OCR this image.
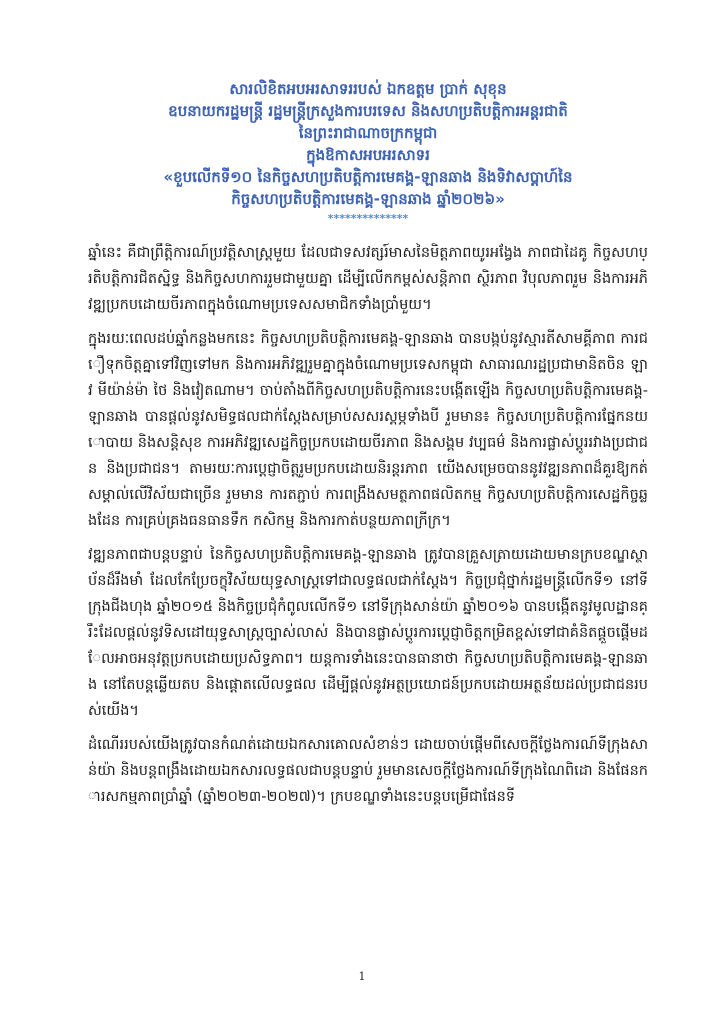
សារលិខិតអបអរសាទររបស់ ឯកឧត្តម ប្រាក់ សុខុន
ឧបនាយករដ្ឋមន្ត្រី រដ្ឋមន្ត្រីក្រសួងការបរទេស និងសហប្រតិបត្តិការអន្តរជាតិ
នៃព្រះរាជាណាចក្រកម្ពុជា
ក្នុងឱកាសអបអរសាទរ
«ខួបលើកទី១០ នៃកិច្ចសហប្រតិបត្តិការមេគង្គ-ឡានឆាង និងទិវាសប្តាហ៍នៃ
កិច្ចសហប្រតិបត្តិការមេគង្គ-ឡានឆាង ឆ្នាំ២០២៦»
**************

ឆ្នាំនេះ គឺជាព្រឹត្តិការណ៍ប្រវត្តិសាស្ត្រមួយ ដែលជាទសវត្សរ៍មាសនៃមិត្តភាពយូរអង្វែង ភាពជាដៃគូ កិច្ចសហប្រតិបត្តិការជិតស្និទ្ធ និងកិច្ចសហការរួមជាមួយគ្នា ដើម្បីលើកកម្ពស់សន្តិភាព ស្ថិរភាព វិបុលភាពរួម និងការអភិវឌ្ឍប្រកបដោយចីរភាពក្នុងចំណោមប្រទេសសមាជិកទាំងប្រាំមួយ។

ក្នុងរយៈពេលដប់ឆ្នាំកន្លងមកនេះ កិច្ចសហប្រតិបត្តិការមេគង្គ-ឡានឆាង បានបង្កប់នូវស្មារតីសាមគ្គីភាព ការជឿទុកចិត្តគ្នាទៅវិញទៅមក និងការអភិវឌ្ឍរួមគ្នាក្នុងចំណោមប្រទេសកម្ពុជា សាធារណរដ្ឋប្រជាមានិតចិន ឡាវ មីយ៉ាន់ម៉ា ថៃ និងវៀតណាម។ ចាប់តាំងពីកិច្ចសហប្រតិបត្តិការនេះបង្កើតឡើង កិច្ចសហប្រតិបត្តិការមេគង្គ-ឡានឆាង បានផ្តល់នូវសមិទ្ធផលជាក់ស្តែងសម្រាប់សសរស្តម្ភទាំងបី រួមមាន៖ កិច្ចសហប្រតិបត្តិការផ្នែកនយោបាយ និងសន្តិសុខ ការអភិវឌ្ឍសេដ្ឋកិច្ចប្រកបដោយចីរភាព និងសង្គម វប្បធម៌ និងការផ្លាស់ប្តូររវាងប្រជាជន និងប្រជាជន។ តាមរយៈការប្តេជ្ញាចិត្តរួមប្រកបដោយនិរន្តរភាព យើងសម្រេចបាននូវវឌ្ឍនភាពដ៏គួរឱ្យកត់សម្គាល់លើវិស័យជាច្រើន រួមមាន ការតភ្ជាប់ ការពង្រឹងសមត្ថភាពផលិតកម្ម កិច្ចសហប្រតិបត្តិការសេដ្ឋកិច្ចឆ្លងដែន ការគ្រប់គ្រងធនធានទឹក កសិកម្ម និងការកាត់បន្ថយភាពក្រីក្រ។

វឌ្ឍនភាពជាបន្តបន្ទាប់ នៃកិច្ចសហប្រតិបត្តិការមេគង្គ-ឡានឆាង ត្រូវបានគ្រួសត្រាយដោយមានក្របខណ្ឌស្ថាប័នដ៏រឹងមាំ ដែលកែប្រែចក្ខុវិស័យយុទ្ធសាស្ត្រទៅជាលទ្ធផលជាក់ស្តែង។ កិច្ចប្រជុំថ្នាក់រដ្ឋមន្ត្រីលើកទី១ នៅទីក្រុងជីងហុង ឆ្នាំ២០១៥ និងកិច្ចប្រជុំកំពូលលើកទី១ នៅទីក្រុងសាន់យ៉ា ឆ្នាំ២០១៦ បានបង្កើតនូវមូលដ្ឋានគ្រឹះដែលផ្តល់នូវទិសដៅយុទ្ធសាស្ត្រច្បាស់លាស់ និងបានផ្លាស់ប្តូរការប្តេជ្ញាចិត្តកម្រិតខ្ពស់ទៅជាគំនិតផ្តួចផ្តើមដែលអាចអនុវត្តប្រកបដោយប្រសិទ្ធភាព។ យន្តការទាំងនេះបានធានាថា កិច្ចសហប្រតិបត្តិការមេគង្គ-ឡានឆាង នៅតែបន្តឆ្លើយតប និងផ្តោតលើលទ្ធផល ដើម្បីផ្តល់នូវអត្ថប្រយោជន៍ប្រកបដោយអត្ថន័យដល់ប្រជាជនរបស់យើង។

ដំណើររបស់យើងត្រូវបានកំណត់ដោយឯកសារគោលសំខាន់ៗ ដោយចាប់ផ្តើមពីសេចក្តីថ្លែងការណ៍ទីក្រុងសាន់យ៉ា និងបន្តពង្រឹងដោយឯកសារលទ្ធផលជាបន្តបន្ទាប់ រួមមានសេចក្តីថ្លែងការណ៍ទីក្រុងណៃពិដោ និងផែនការសកម្មភាពប្រាំឆ្នាំ (ឆ្នាំ២០២៣-២០២៧)។ ក្របខណ្ឌទាំងនេះបន្តបម្រើជាផែនទី

1
